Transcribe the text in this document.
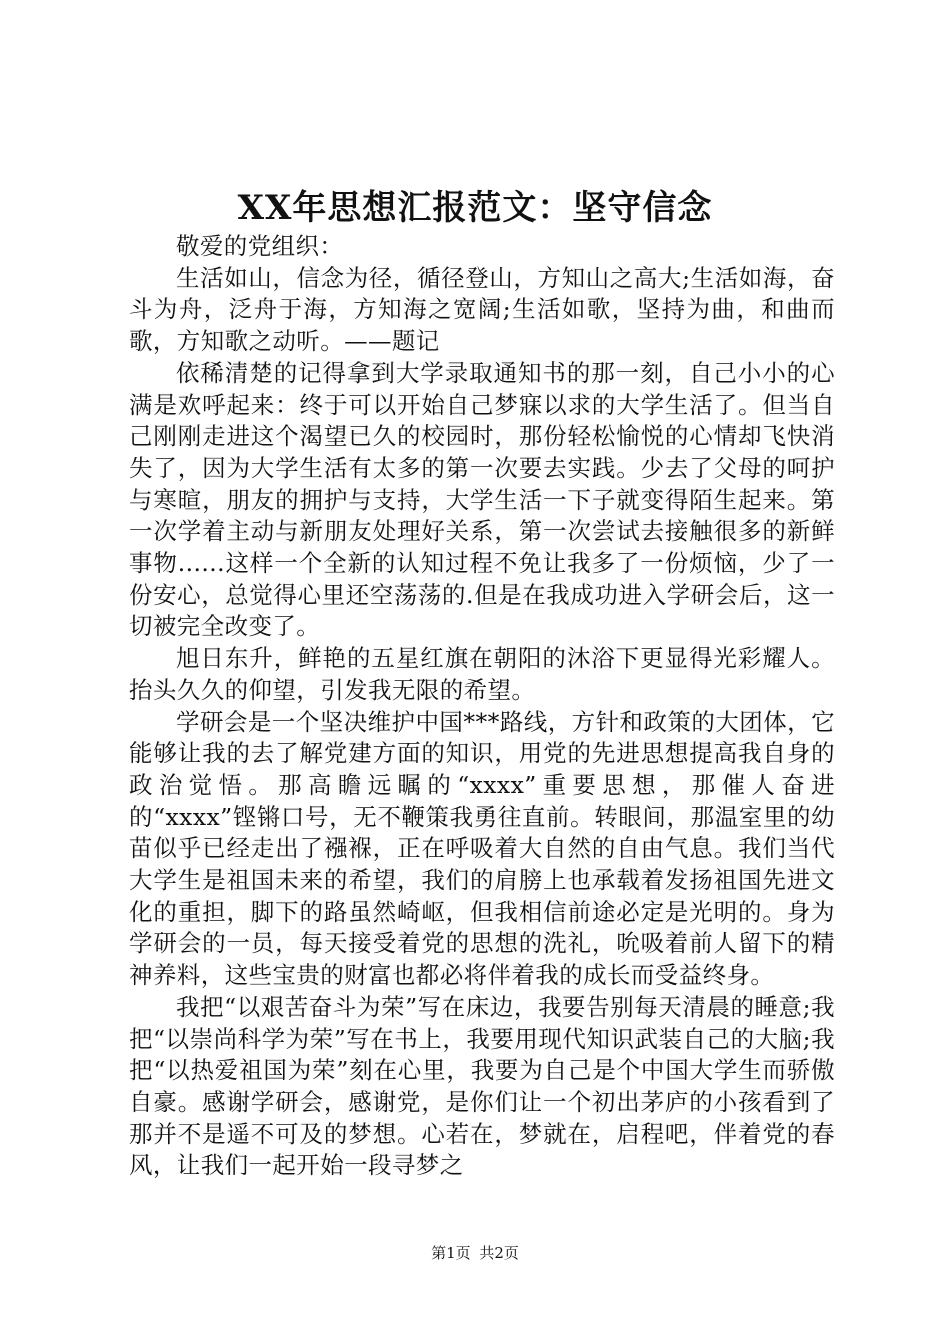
XX年思想汇报范文：坚守信念

敬爱的党组织：

生活如山，信念为径，循径登山，方知山之高大;生活如海，奋斗为舟，泛舟于海，方知海之宽阔;生活如歌，坚持为曲，和曲而歌，方知歌之动听。——题记

依稀清楚的记得拿到大学录取通知书的那一刻，自己小小的心满是欢呼起来：终于可以开始自己梦寐以求的大学生活了。但当自己刚刚走进这个渴望已久的校园时，那份轻松愉悦的心情却飞快消失了，因为大学生活有太多的第一次要去实践。少去了父母的呵护与寒暄，朋友的拥护与支持，大学生活一下子就变得陌生起来。第一次学着主动与新朋友处理好关系，第一次尝试去接触很多的新鲜事物......这样一个全新的认知过程不免让我多了一份烦恼，少了一份安心，总觉得心里还空荡荡的.但是在我成功进入学研会后，这一切被完全改变了。

旭日东升，鲜艳的五星红旗在朝阳的沐浴下更显得光彩耀人。抬头久久的仰望，引发我无限的希望。

学研会是一个坚决维护中国***路线，方针和政策的大团体，它能够让我的去了解党建方面的知识，用党的先进思想提高我自身的政治觉悟。那高瞻远瞩的“xxxx”重要思想，那催人奋进的“xxxx”铿锵口号，无不鞭策我勇往直前。转眼间，那温室里的幼苗似乎已经走出了襁褓，正在呼吸着大自然的自由气息。我们当代大学生是祖国未来的希望，我们的肩膀上也承载着发扬祖国先进文化的重担，脚下的路虽然崎岖，但我相信前途必定是光明的。身为学研会的一员，每天接受着党的思想的洗礼，吮吸着前人留下的精神养料，这些宝贵的财富也都必将伴着我的成长而受益终身。

我把“以艰苦奋斗为荣”写在床边，我要告别每天清晨的睡意;我把“以崇尚科学为荣”写在书上，我要用现代知识武装自己的大脑;我把“以热爱祖国为荣”刻在心里，我要为自己是个中国大学生而骄傲自豪。感谢学研会，感谢党，是你们让一个初出茅庐的小孩看到了那并不是遥不可及的梦想。心若在，梦就在，启程吧，伴着党的春风，让我们一起开始一段寻梦之

第1页 共2页
